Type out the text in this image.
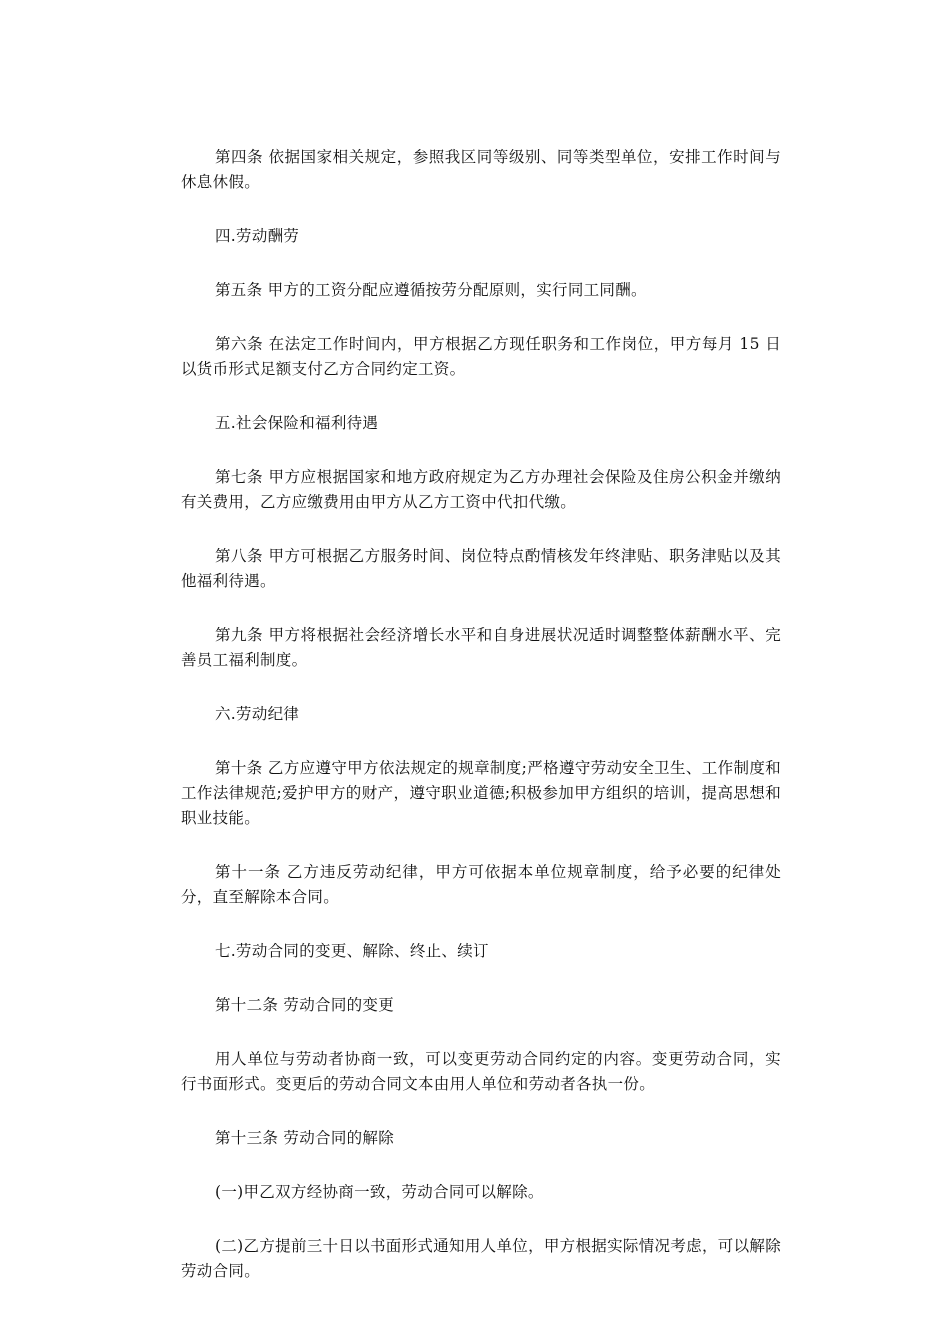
第四条 依据国家相关规定，参照我区同等级别、同等类型单位，安排工作时间与休息休假。

四.劳动酬劳

第五条 甲方的工资分配应遵循按劳分配原则，实行同工同酬。

第六条 在法定工作时间内，甲方根据乙方现任职务和工作岗位，甲方每月 15 日以货币形式足额支付乙方合同约定工资。

五.社会保险和福利待遇

第七条 甲方应根据国家和地方政府规定为乙方办理社会保险及住房公积金并缴纳有关费用，乙方应缴费用由甲方从乙方工资中代扣代缴。

第八条 甲方可根据乙方服务时间、岗位特点酌情核发年终津贴、职务津贴以及其他福利待遇。

第九条 甲方将根据社会经济增长水平和自身进展状况适时调整整体薪酬水平、完善员工福利制度。

六.劳动纪律

第十条 乙方应遵守甲方依法规定的规章制度;严格遵守劳动安全卫生、工作制度和工作法律规范;爱护甲方的财产，遵守职业道德;积极参加甲方组织的培训，提高思想和职业技能。

第十一条 乙方违反劳动纪律，甲方可依据本单位规章制度，给予必要的纪律处分，直至解除本合同。

七.劳动合同的变更、解除、终止、续订

第十二条 劳动合同的变更

用人单位与劳动者协商一致，可以变更劳动合同约定的内容。变更劳动合同，实行书面形式。变更后的劳动合同文本由用人单位和劳动者各执一份。

第十三条 劳动合同的解除

(一)甲乙双方经协商一致，劳动合同可以解除。

(二)乙方提前三十日以书面形式通知用人单位，甲方根据实际情况考虑，可以解除劳动合同。
